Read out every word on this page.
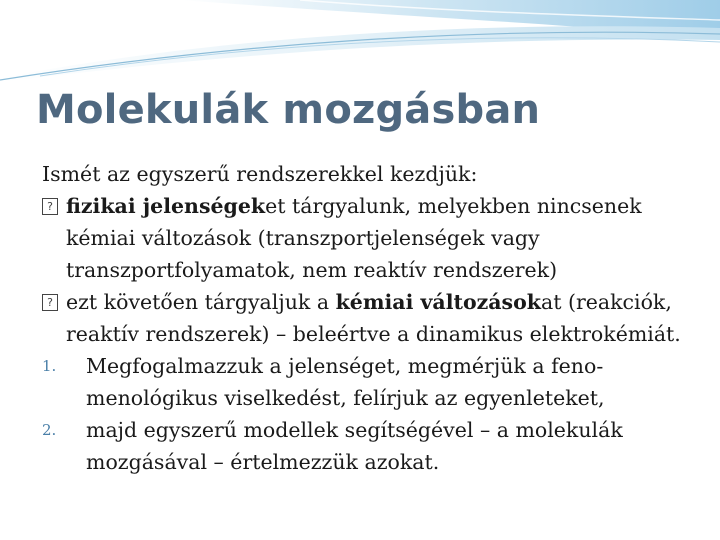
Molekulák mozgásban

Ismét az egyszerű rendszerekkel kezdjük:

? fizikai jelenségeket tárgyalunk, melyekben nincsenek kémiai változások (transzportjelenségek vagy transzportfolyamatok, nem reaktív rendszerek)

? ezt követően tárgyaljuk a kémiai változásokat (reakciók, reaktív rendszerek) – beleértve a dinamikus elektrokémiát.

1. Megfogalmazzuk a jelenséget, megmérjük a feno-menológikus viselkedést, felírjuk az egyenleteket,

2. majd egyszerű modellek segítségével – a molekulák mozgásával – értelmezzük azokat.
